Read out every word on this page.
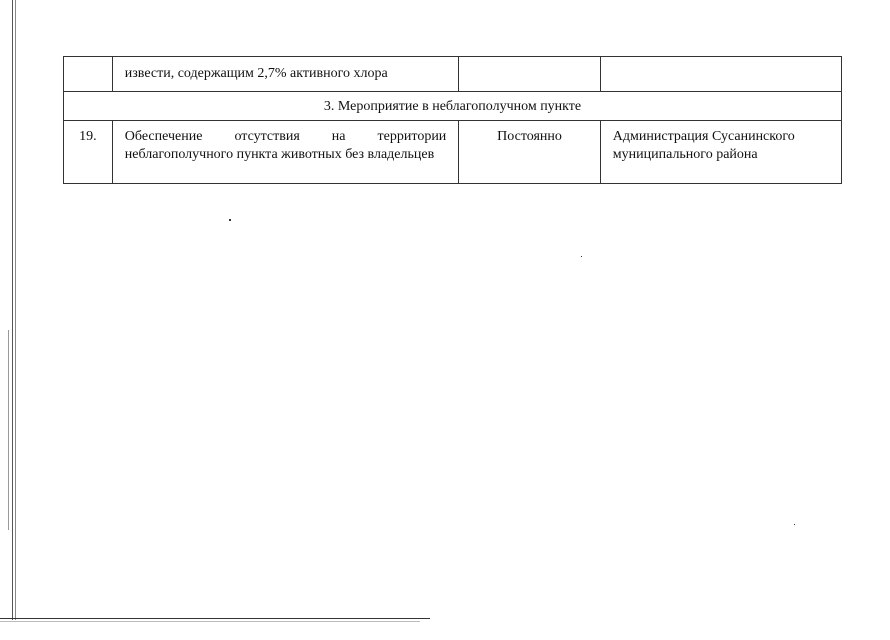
	извести, содержащим 2,7% активного хлора		

3. Мероприятие в неблагополучном пункте			

19.	Обеспечение отсутствия на территории неблагополучного пункта животных без владельцев	Постоянно	Администрация Сусанинского муниципального района
